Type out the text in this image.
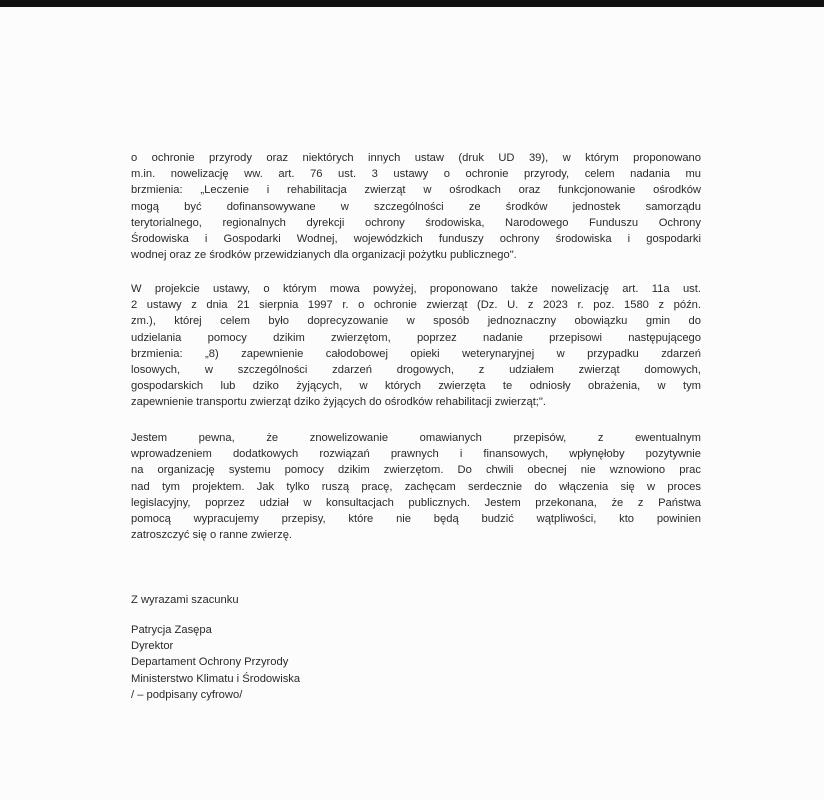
o ochronie przyrody oraz niektórych innych ustaw (druk UD 39), w którym proponowano
m.in. nowelizację ww. art. 76 ust. 3 ustawy o ochronie przyrody, celem nadania mu
brzmienia: „Leczenie i rehabilitacja zwierząt w ośrodkach oraz funkcjonowanie ośrodków
mogą być dofinansowywane w szczególności ze środków jednostek samorządu
terytorialnego, regionalnych dyrekcji ochrony środowiska, Narodowego Funduszu Ochrony
Środowiska i Gospodarki Wodnej, wojewódzkich funduszy ochrony środowiska i gospodarki
wodnej oraz ze środków przewidzianych dla organizacji pożytku publicznego".
W projekcie ustawy, o którym mowa powyżej, proponowano także nowelizację art. 11a ust.
2 ustawy z dnia 21 sierpnia 1997 r. o ochronie zwierząt (Dz. U. z 2023 r. poz. 1580 z późn.
zm.), której celem było doprecyzowanie w sposób jednoznaczny obowiązku gmin do
udzielania pomocy dzikim zwierzętom, poprzez nadanie przepisowi następującego
brzmienia: „8) zapewnienie całodobowej opieki weterynaryjnej w przypadku zdarzeń
losowych, w szczególności zdarzeń drogowych, z udziałem zwierząt domowych,
gospodarskich lub dziko żyjących, w których zwierzęta te odniosły obrażenia, w tym
zapewnienie transportu zwierząt dziko żyjących do ośrodków rehabilitacji zwierząt;".
Jestem pewna, że znowelizowanie omawianych przepisów, z ewentualnym
wprowadzeniem dodatkowych rozwiązań prawnych i finansowych, wpłynęłoby pozytywnie
na organizację systemu pomocy dzikim zwierzętom. Do chwili obecnej nie wznowiono prac
nad tym projektem. Jak tylko ruszą pracę, zachęcam serdecznie do włączenia się w proces
legislacyjny, poprzez udział w konsultacjach publicznych. Jestem przekonana, że z Państwa
pomocą wypracujemy przepisy, które nie będą budzić wątpliwości, kto powinien
zatroszczyć się o ranne zwierzę.
Z wyrazami szacunku
Patrycja Zasępa
Dyrektor
Departament Ochrony Przyrody
Ministerstwo Klimatu i Środowiska
/ – podpisany cyfrowo/
